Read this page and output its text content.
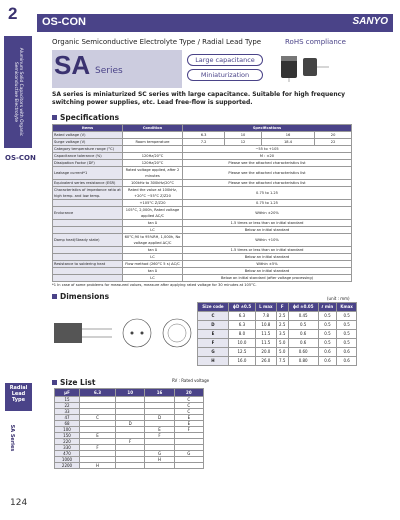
2
Aluminum Solid Capacitors with Organic Semiconductive Electrolyte
OS-CON
Radial Lead Type
SA Series
124
OS-CON	SANYO
Organic Semiconductive Electrolyte Type / Radial Lead Type	RoHS compliance
SA Series
Large capacitance
Miniaturization
SA series is miniaturized SC series with large capacitance. Suitable for high frequency switching power supplies, etc. Lead free-flow is supported.
Specifications
Items	Condition	Specifications			
Rated voltage (V)		6.3	10	16	20
Surge voltage (V)	Room temperature	7.2	12	18.4	22
Category temperature range (°C)		−55 to +105			
Capacitance tolerance (%)	120Hz/20°C	M : ±20			
Dissipation Factor (DF)	120Hz/20°C	Please see the attached characteristics list			
Leakage current*1	Rated voltage applied, after 2 minutes	Please see the attached characteristics list			
Equivalent series resistance (ESR)	100kHz to 300kHz/20°C	Please see the attached characteristics list			
Characteristics of impedance ratio at high temp. and low temp.	Rated the value at 100kHz, +20°C −55°C Z/Z20	0.75 to 1.25			
	+105°C Z/Z20	0.75 to 1.25			
Endurance	105°C, 2,000h, Rated voltage applied ΔC/C	Within ±20%			
	tan δ	1.5 times or less than an initial standard			
	LC	Below an initial standard			
Damp heat(Steady state)	60°C,90 to 95%RH, 1,000h, No voltage applied ΔC/C	Within +10%			
	tan δ	1.5 times or less than an initial standard			
	LC	Below an initial standard			
Resistance to soldering heat	Flow method (260°C 5 s) ΔC/C	Within ±5%			
	tan δ	Below an initial standard			
	LC	Below an initial standard (after voltage processing)			
*1 In case of some problems for measured values, measure after applying rated voltage for 30 minutes at 105°C.
Dimensions	(unit : mm)
Size code	ϕD ±0.5	L max	F	ϕd ±0.05	ℓ min	Kmax
C	6.3	7.8	2.5	0.45	0.5	0.5
D	6.3	10.8	2.5	0.5	0.5	0.5
E	8.0	11.5	3.5	0.6	0.5	0.5
F	10.0	11.5	5.0	0.6	0.5	0.5
G	12.5	20.0	5.0	0.60	0.6	0.6
H	16.0	26.0	7.5	0.80	0.6	0.6
Size List	RV : Rated voltage
μF	6.3	10	16	20
15				C
22				C
33				C
47	C		D	E
68		D		E
100			E	F
150	E		F	
220		F		
330	F			
470			G	G
1000			H	
2200	H			
